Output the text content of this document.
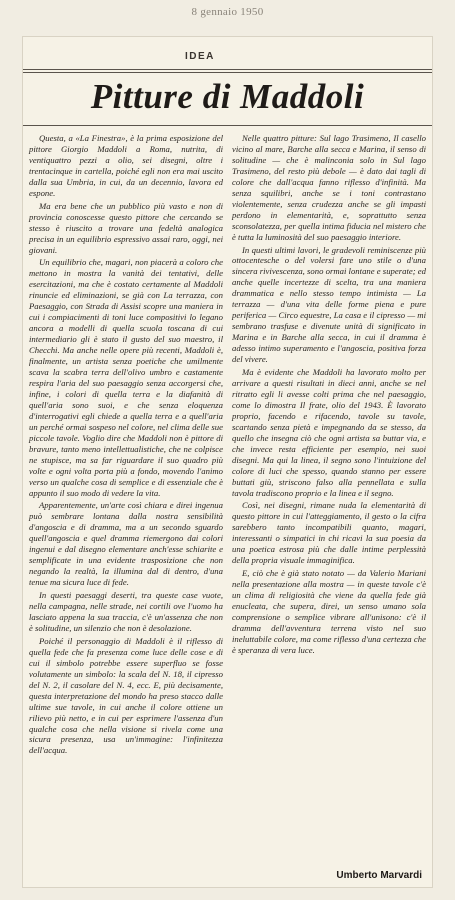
8 gennaio 1950
IDEA
Pitture di Maddoli

Questa, a «La Finestra», è la prima esposizione del pittore Giorgio Maddoli a Roma, nutrita, di ventiquattro pezzi a olio, sei disegni, oltre i trentacinque in cartella, poiché egli non era mai uscito dalla sua Umbria, in cui, da un decennio, lavora ed espone.

Ma era bene che un pubblico più vasto e non di provincia conoscesse questo pittore che cercando se stesso è riuscito a trovare una fedeltà analogica precisa in un equilibrio espressivo assai raro, oggi, nei giovani.

Un equilibrio che, magari, non piacerà a coloro che mettono in mostra la vanità dei tentativi, delle esercitazioni, ma che è costato certamente al Maddoli rinuncie ed eliminazioni, se già con La terrazza, con Paesaggio, con Strada di Assisi scopre una maniera in cui i compiacimenti di toni luce compositivi lo legano ancora a modelli di quella scuola toscana di cui intermediario gli è stato il gusto del suo maestro, il Checchi. Ma anche nelle opere più recenti, Maddoli è, finalmente, un artista senza poetiche che umilmente scava la scabra terra dell'olivo umbro e castamente respira l'aria del suo paesaggio senza accorgersi che, infine, i colori di quella terra e la diafanità di quell'aria sono suoi, e che senza eloquenza d'interrogativi egli chiede a quella terra e a quell'aria un perché ormai sospeso nel colore, nel clima delle sue piccole tavole. Voglio dire che Maddoli non è pittore di bravure, tanto meno intellettualistiche, che ne colpisce ne stupisce, ma sa far riguardare il suo quadro più volte e ogni volta porta più a fondo, movendo l'animo verso un qualche cosa di semplice e di essenziale che è appunto il suo modo di vedere la vita.

Apparentemente, un'arte così chiara e direi ingenua può sembrare lontana dalla nostra sensibilità d'angoscia e di dramma, ma a un secondo sguardo quell'angoscia e quel dramma riemergono dai colori ingenui e dal disegno elementare anch'esse schiarite e semplificate in una evidente trasposizione che non negando la realtà, la illumina dal di dentro, d'una tenue ma sicura luce di fede.

In questi paesaggi deserti, tra queste case vuote, nella campagna, nelle strade, nei cortili ove l'uomo ha lasciato appena la sua traccia, c'è un'assenza che non è solitudine, un silenzio che non è desolazione.

Poiché il personaggio di Maddoli è il riflesso di quella fede che fa presenza come luce delle cose e di cui il simbolo potrebbe essere superfluo se fosse volutamente un simbolo: la scala del N. 18, il cipresso del N. 2, il casolare del N. 4, ecc. E, più decisamente, questa interpretazione del mondo ha preso stacco dalle ultime sue tavole, in cui anche il colore ottiene un rilievo più netto, e in cui per esprimere l'assenza d'un qualche cosa che nella visione si rivela come una sicura presenza, usa un'immagine: l'infinitezza dell'acqua.

Nelle quattro pitture: Sul lago Trasimeno, Il casello vicino al mare, Barche alla secca e Marina, il senso di solitudine — che è malinconia solo in Sul lago Trasimeno, del resto più debole — è dato dai tagli di colore che dall'acqua fanno riflesso d'infinità. Ma senza squilibri, anche se i toni contrastano violentemente, senza crudezza anche se gli impasti perdono in elementarità, e, soprattutto senza sconsolatezza, per quella intima fiducia nel mistero che è tutta la luminosità del suo paesaggio interiore.

In questi ultimi lavori, le gradevoli reminiscenze più ottocentesche o del volersi fare uno stile o d'una sincera rivivescenza, sono ormai lontane e superate; ed anche quelle incertezze di scelta, tra una maniera drammatica e nello stesso tempo intimista — La terrazza — d'una vita delle forme piena e pure periferica — Circo equestre, La casa e il cipresso — mi sembrano trasfuse e divenute unità di significato in Marina e in Barche alla secca, in cui il dramma è adesso intimo superamento e l'angoscia, positiva forza del vivere.

Ma è evidente che Maddoli ha lavorato molto per arrivare a questi risultati in dieci anni, anche se nel ritratto egli li avesse colti prima che nel paesaggio, come lo dimostra Il frate, olio del 1943. È lavorato proprio, facendo e rifacendo, tavole su tavole, scartando senza pietà e impegnando da se stesso, da quello che insegna ciò che ogni artista sa buttar via, e che invece resta efficiente per esempio, nei suoi disegni. Ma qui la linea, il segno sono l'intuizione del colore di luci che spesso, quando stanno per essere buttati giù, striscono falso alla pennellata e sulla tavola tradiscono proprio e la linea e il segno.

Così, nei disegni, rimane nuda la elementarità di questo pittore in cui l'atteggiamento, il gesto o la cifra sarebbero tanto incompatibili quanto, magari, interessanti o simpatici in chi ricavi la sua poesia da una poetica estrosa più che dalle intime perplessità della propria visuale immaginifica.

E, ciò che è già stato notato — da Valerio Mariani nella presentazione alla mostra — in queste tavole c'è un clima di religiosità che viene da quella fede già enucleata, che supera, direi, un senso umano sola comprensione o semplice vibrare all'unisono: c'è il dramma dell'avventura terrena visto nel suo ineluttabile colore, ma come riflesso d'una certezza che è speranza di vera luce.

Umberto Marvardi
